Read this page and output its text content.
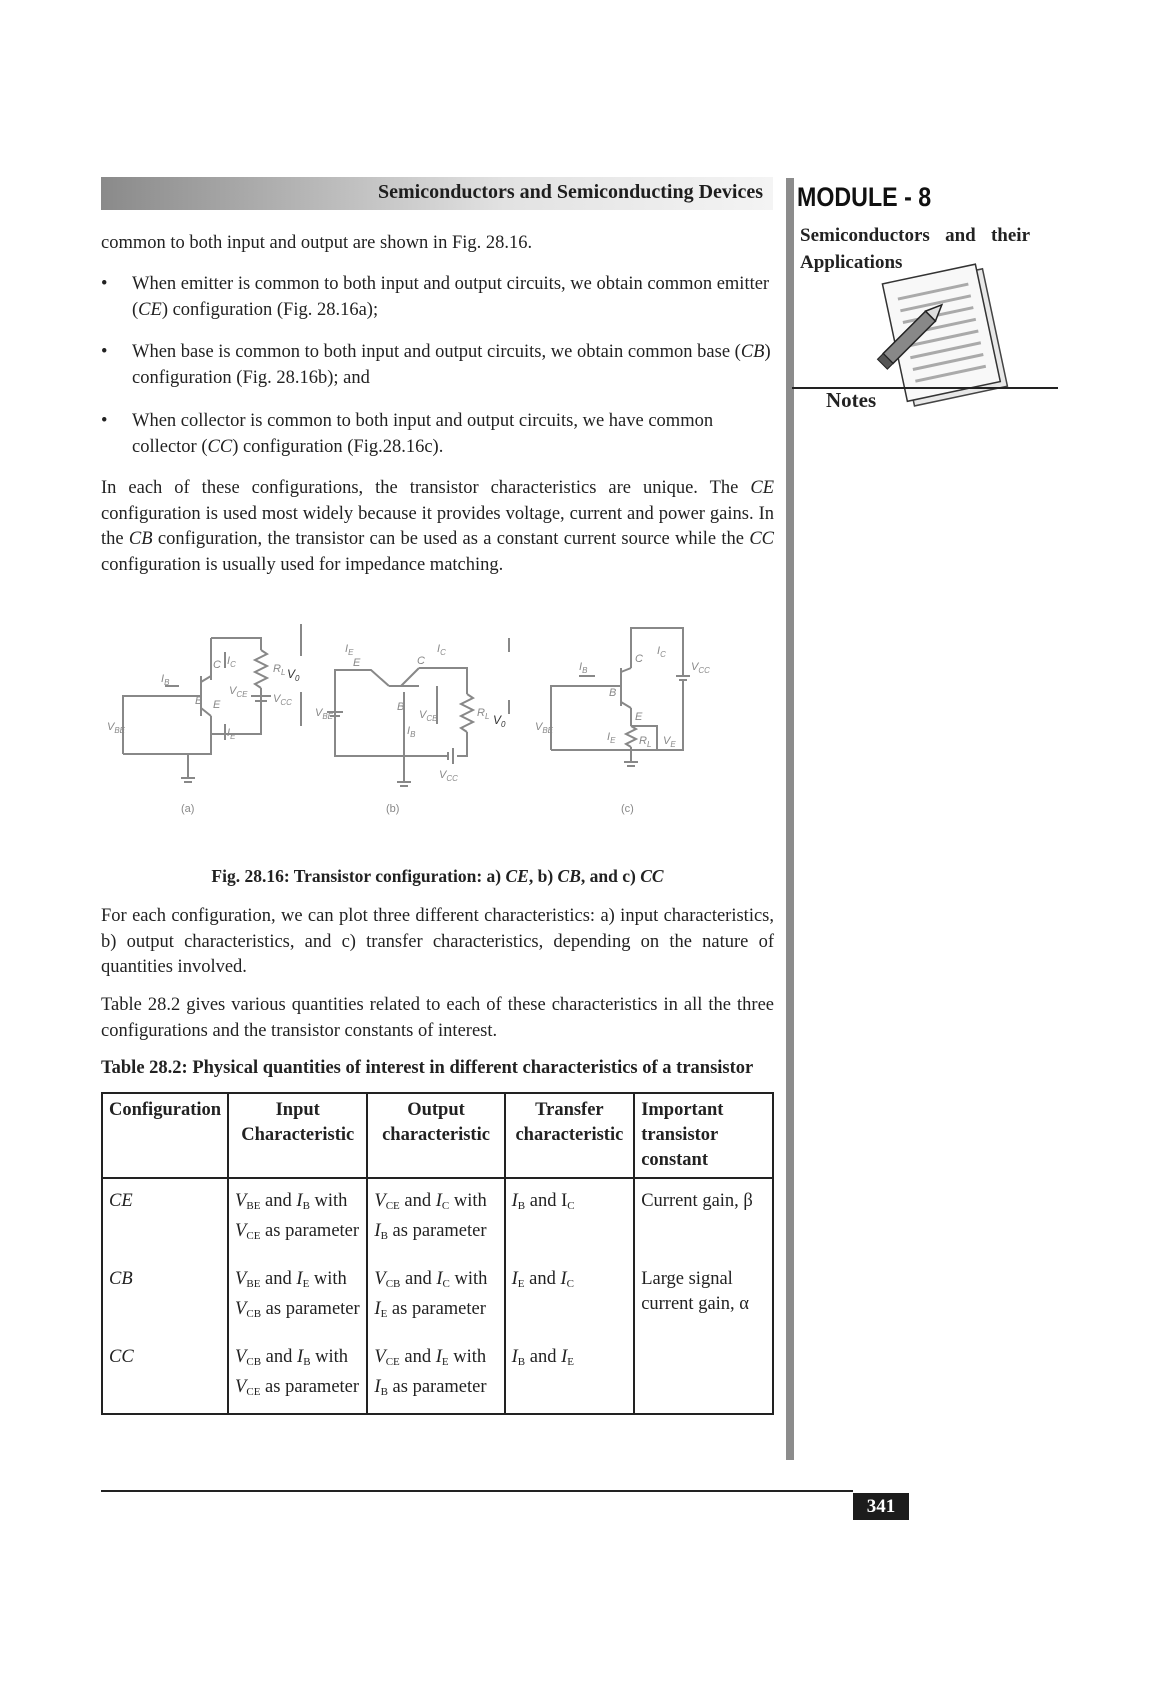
Semiconductors and Semiconducting Devices MODULE - 8
Semiconductors and their Applications
Notes
common to both input and output are shown in Fig. 28.16.
•	When emitter is common to both input and output circuits, we obtain common emitter (CE) configuration (Fig. 28.16a);
•	When base is common to both input and output circuits, we obtain common base (CB) configuration (Fig. 28.16b); and
•	When collector is common to both input and output circuits, we have common collector (CC) configuration (Fig.28.16c).
In each of these configurations, the transistor characteristics are unique. The CE configuration is used most widely because it provides voltage, current and power gains. In the CB configuration, the transistor can be used as a constant current source while the CC configuration is usually used for impedance matching.
C
B E
$R_L$
$V_{CE}$ $V_{CC}$
$V_0$
$I_B$
$I_C$
$I_E$
$V_{BE}$
(a)
E	C
B
$V_{CB}$	$R_L$ $V_0$
$V_{BE}$
$V_{CC}$
$I_E$	$I_C$
$I_B$
(b)
C
B
E
$R_L$ $V_E$
$V_{CC}$
$V_{BE}$
$I_B$
$I_C$
$I_E$
(c)
Fig. 28.16: Transistor configuration: a) CE, b) CB, and c) CC
For each configuration, we can plot three different characteristics: a) input characteristics, b) output characteristics, and c) transfer characteristics, depending on the nature of quantities involved.
Table 28.2 gives various quantities related to each of these characteristics in all the three configurations and the transistor constants of interest.
Table 28.2: Physical quantities of interest in different characteristics of a transistor
Configuration	Input Characteristic	Output characteristic	Transfer characteristic	Important transistor constant
CE	$V_{BE}$ and $I_B$ with $V_{CE}$ as parameter	$V_{CE}$ and $I_C$ with $I_B$ as parameter	$I_B$ and $I_C$	Current gain, β
CB	$V_{BE}$ and $I_E$ with $V_{CB}$ as parameter	$V_{CB}$ and $I_C$ with $I_E$ as parameter	$I_E$ and $I_C$	Large signal current gain, α
CC	$V_{CB}$ and $I_B$ with $V_{CE}$ as parameter	$V_{CE}$ and $I_E$ with $I_B$ as parameter	$I_B$ and $I_E$	
341
